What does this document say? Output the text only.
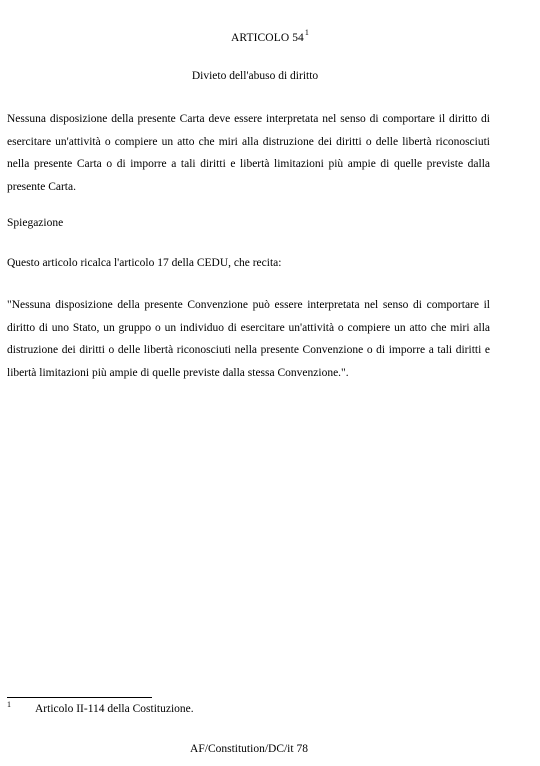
ARTICOLO $54^1$
Divieto dell'abuso di diritto
Nessuna disposizione della presente Carta deve essere interpretata nel senso di comportare il diritto di esercitare un'attività o compiere un atto che miri alla distruzione dei diritti o delle libertà riconosciuti nella presente Carta o di imporre a tali diritti e libertà limitazioni più ampie di quelle previste dalla presente Carta.
Spiegazione
Questo articolo ricalca l'articolo 17 della CEDU, che recita:
"Nessuna disposizione della presente Convenzione può essere interpretata nel senso di comportare il diritto di uno Stato, un gruppo o un individuo di esercitare un'attività o compiere un atto che miri alla distruzione dei diritti o delle libertà riconosciuti nella presente Convenzione o di imporre a tali diritti e libertà limitazioni più ampie di quelle previste dalla stessa Convenzione.".
1 Articolo II-114 della Costituzione.
AF/Constitution/DC/it 78
